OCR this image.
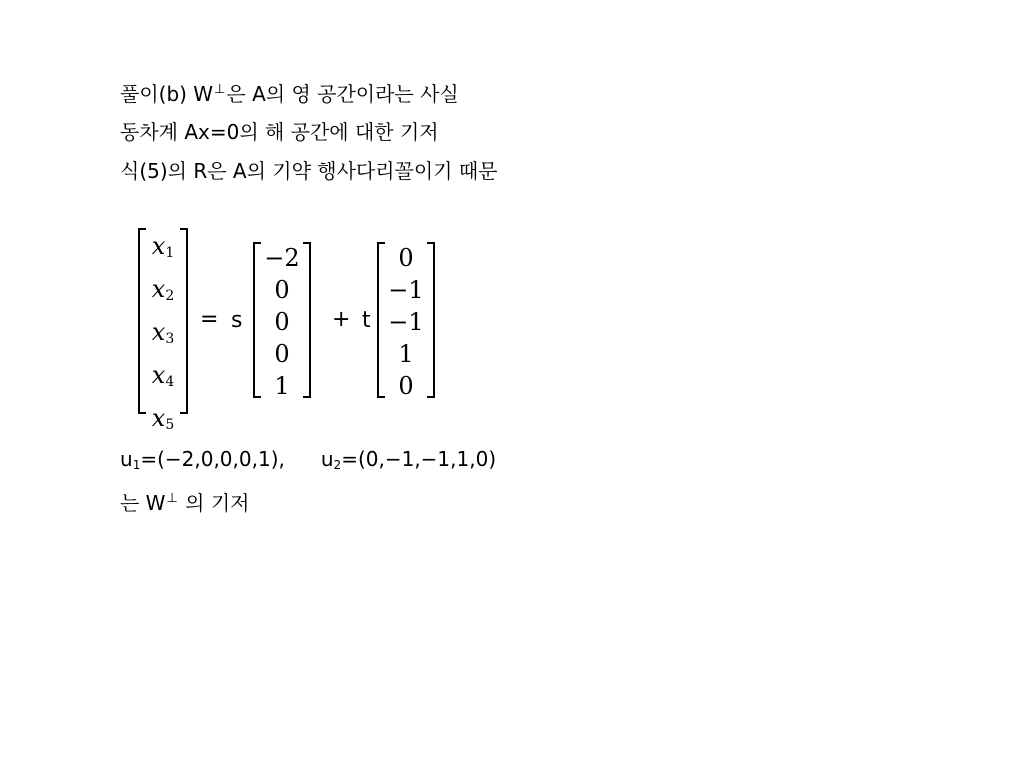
풀이(b) W⊥은 A의 영 공간이라는 사실
동차계 Ax=0의 해 공간에 대한 기저
식(5)의 R은 A의 기약 행사다리꼴이기 때문
$x_1$
$x_2$
$x_3$
$x_4$
$x_5$
= s
−2
0
0
0
1
+ t
0
−1
−1
1
0
$u_1=(-2,0,0,0,1)$, $u_2=(0,-1,-1,1,0)$
는 W⊥ 의 기저
